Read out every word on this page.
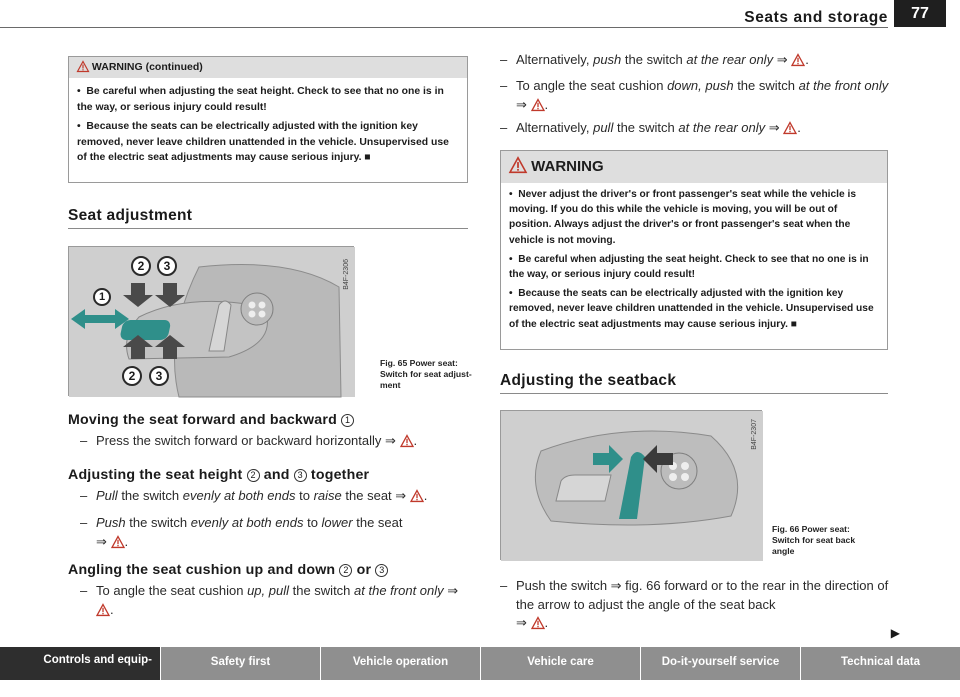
Seats and storage	77
WARNING (continued)

•  Be careful when adjusting the seat height. Check to see that no one is in the way, or serious injury could result!

•  Because the seats can be electrically adjusted with the ignition key removed, never leave children unattended in the vehicle. Unsupervised use of the electric seat adjustments may cause serious injury. ■

Seat adjustment
1
2	3
2	3
B4F-2306
Fig. 65 Power seat:
Switch for seat adjust-
ment
Moving the seat forward and backward 1
– Press the switch forward or backward horizontally ⇒ .
Adjusting the seat height 2 and 3 together
– Pull the switch evenly at both ends to raise the seat ⇒ .
– Push the switch evenly at both ends to lower the seat
⇒ .
Angling the seat cushion up and down 2 or 3
– To angle the seat cushion up, pull the switch at the front only ⇒ .
– Alternatively, push the switch at the rear only ⇒ .
– To angle the seat cushion down, push the switch at the front only ⇒ .
– Alternatively, pull the switch at the rear only ⇒ .
WARNING

•  Never adjust the driver's or front passenger's seat while the vehicle is moving. If you do this while the vehicle is moving, you will be out of position. Always adjust the driver's or front passenger's seat when the vehicle is not moving.

•  Be careful when adjusting the seat height. Check to see that no one is in the way, or serious injury could result!

•  Because the seats can be electrically adjusted with the ignition key removed, never leave children unattended in the vehicle. Unsupervised use of the electric seat adjustments may cause serious injury. ■

Adjusting the seatback
B4F-2307
Fig. 66 Power seat:
Switch for seat back
angle
– Push the switch ⇒ fig. 66 forward or to the rear in the direction of the arrow to adjust the angle of the seat back
⇒ .
▶
Controls and equip-

ment
Safety first	Vehicle operation	Vehicle care	Do-it-yourself service	Technical data
